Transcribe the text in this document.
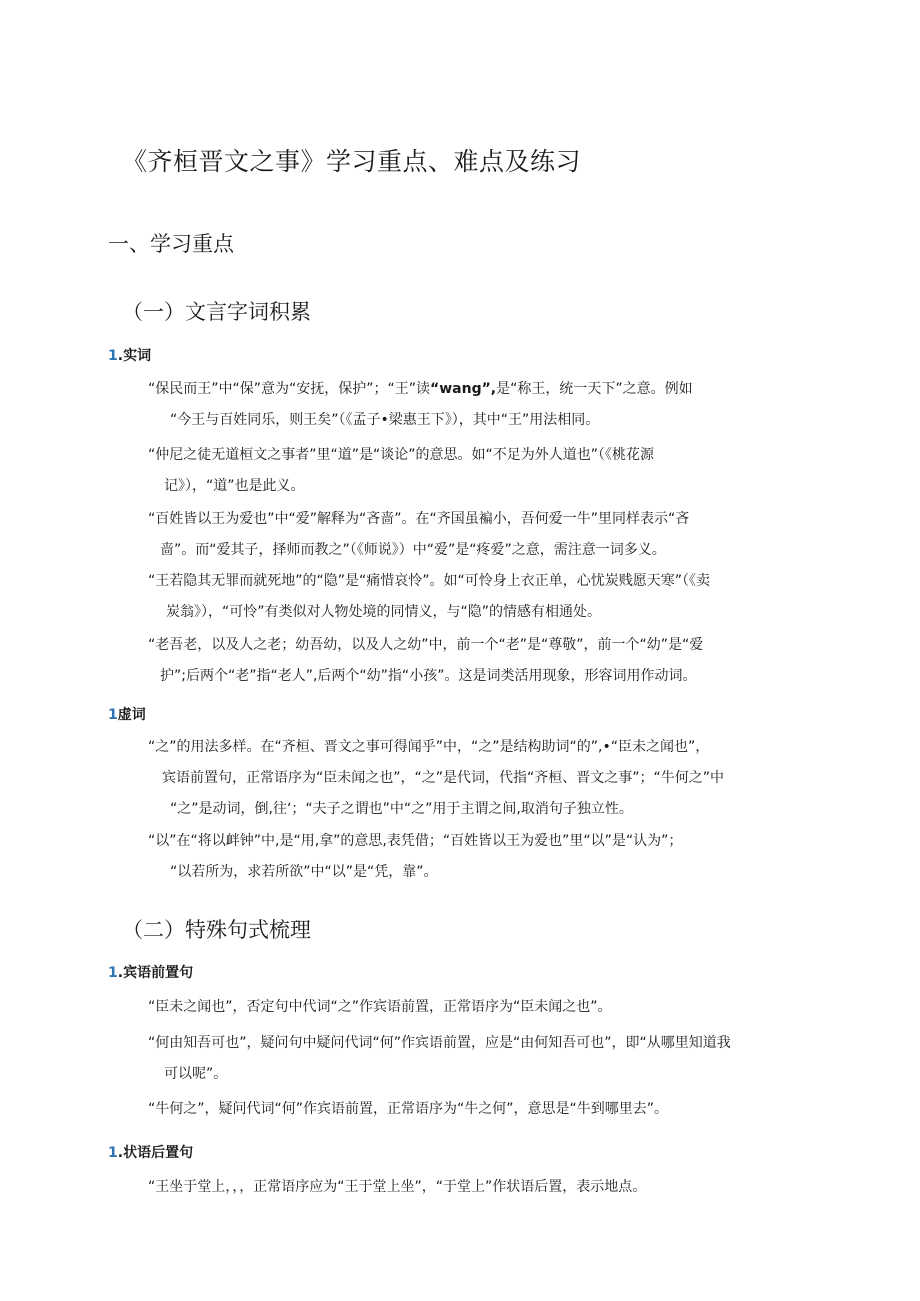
《齐桓晋文之事》学习重点、难点及练习
一、学习重点
（一）文言字词积累
1.实词
“保民而王”中“保”意为“安抚，保护”；“王”读“wang”,是“称王，统一天下”之意。例如
“今王与百姓同乐，则王矣”（《孟子•梁惠王下》），其中“王”用法相同。
“仲尼之徒无道桓文之事者”里“道”是“谈论”的意思。如“不足为外人道也”（《桃花源
记》），“道”也是此义。
“百姓皆以王为爱也”中“爱”解释为“吝啬”。在“齐国虽褊小，吾何爱一牛”里同样表示“吝
啬”。而“爱其子，择师而教之”（《师说》）中“爱”是“疼爱”之意，需注意一词多义。
“王若隐其无罪而就死地”的“隐”是“痛惜哀怜”。如“可怜身上衣正单，心忧炭贱愿天寒”（《卖
炭翁》），“可怜”有类似对人物处境的同情义，与“隐”的情感有相通处。
“老吾老，以及人之老；幼吾幼，以及人之幼”中，前一个“老”是“尊敬”，前一个“幼”是“爱
护”;后两个“老”指“老人”,后两个“幼”指“小孩”。这是词类活用现象，形容词用作动词。
1虚词
“之”的用法多样。在“齐桓、晋文之事可得闻乎”中，“之”是结构助词“的”,•“臣未之闻也”，
宾语前置句，正常语序为“臣未闻之也”，“之”是代词，代指“齐桓、晋文之事”；“牛何之”中
“之”是动词，倒,往‘；“夫子之谓也”中“之”用于主谓之间,取消句子独立性。
“以”在“将以衅钟”中,是“用,拿”的意思,表凭借；“百姓皆以王为爱也”里“以”是“认为”；
“以若所为，求若所欲”中“以”是“凭，靠”。
（二）特殊句式梳理
1.宾语前置句
“臣未之闻也”，否定句中代词“之”作宾语前置，正常语序为“臣未闻之也”。
“何由知吾可也”，疑问句中疑问代词“何”作宾语前置，应是“由何知吾可也”，即“从哪里知道我
可以呢”。
“牛何之”，疑问代词“何”作宾语前置，正常语序为“牛之何”，意思是“牛到哪里去”。
1.状语后置句
“王坐于堂上，，，正常语序应为“王于堂上坐”，“于堂上”作状语后置，表示地点。
